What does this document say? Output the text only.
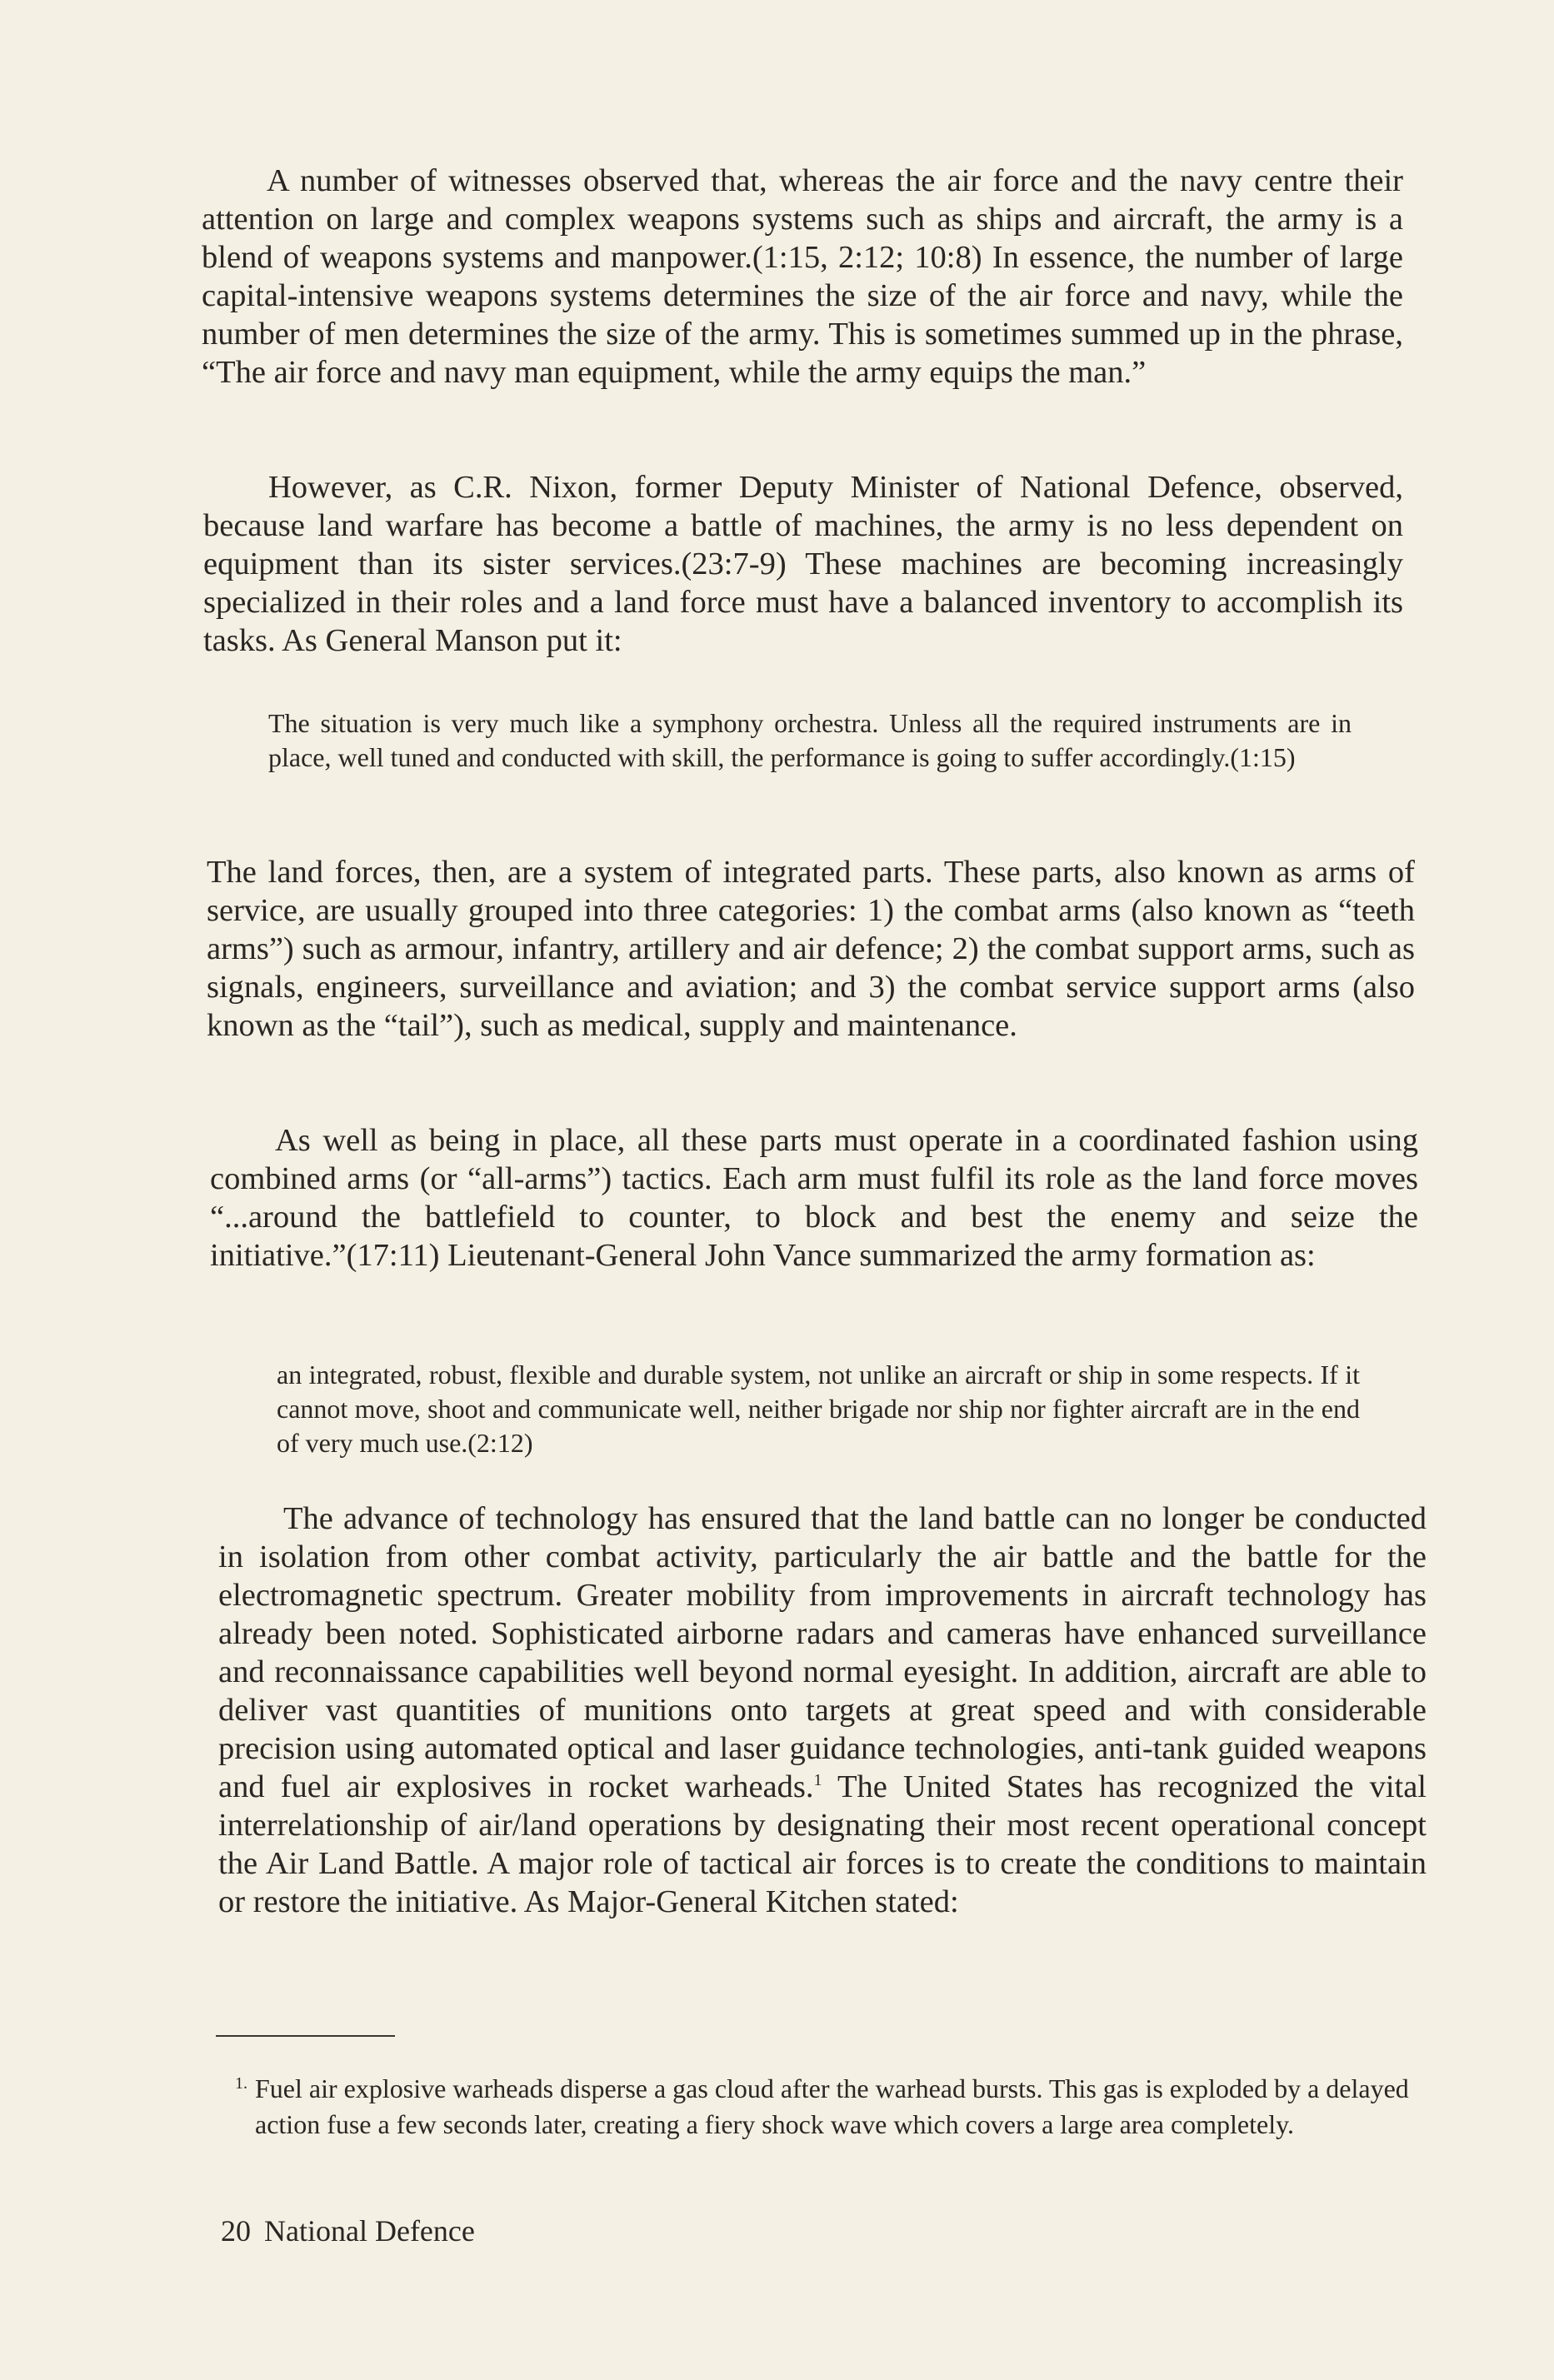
A number of witnesses observed that, whereas the air force and the navy centre their attention on large and complex weapons systems such as ships and aircraft, the army is a blend of weapons systems and manpower.(1:15, 2:12; 10:8) In essence, the number of large capital-intensive weapons systems determines the size of the air force and navy, while the number of men determines the size of the army. This is sometimes summed up in the phrase, “The air force and navy man equipment, while the army equips the man.”

However, as C.R. Nixon, former Deputy Minister of National Defence, observed, because land warfare has become a battle of machines, the army is no less dependent on equipment than its sister services.(23:7-9) These machines are becoming increasingly specialized in their roles and a land force must have a balanced inventory to accomplish its tasks. As General Manson put it:

The situation is very much like a symphony orchestra. Unless all the required instruments are in place, well tuned and conducted with skill, the performance is going to suffer accordingly.(1:15)

The land forces, then, are a system of integrated parts. These parts, also known as arms of service, are usually grouped into three categories: 1) the combat arms (also known as “teeth arms”) such as armour, infantry, artillery and air defence; 2) the combat support arms, such as signals, engineers, surveillance and aviation; and 3) the combat service support arms (also known as the “tail”), such as medical, supply and maintenance.

As well as being in place, all these parts must operate in a coordinated fashion using combined arms (or “all-arms”) tactics. Each arm must fulfil its role as the land force moves “...around the battlefield to counter, to block and best the enemy and seize the initiative.”(17:11) Lieutenant-General John Vance summarized the army formation as:

an integrated, robust, flexible and durable system, not unlike an aircraft or ship in some respects. If it cannot move, shoot and communicate well, neither brigade nor ship nor fighter aircraft are in the end of very much use.(2:12)

The advance of technology has ensured that the land battle can no longer be conducted in isolation from other combat activity, particularly the air battle and the battle for the electromagnetic spectrum. Greater mobility from improvements in aircraft technology has already been noted. Sophisticated airborne radars and cameras have enhanced surveillance and reconnaissance capabilities well beyond normal eyesight. In addition, aircraft are able to deliver vast quantities of munitions onto targets at great speed and with considerable precision using automated optical and laser guidance technologies, anti-tank guided weapons and fuel air explosives in rocket warheads.$^1$ The United States has recognized the vital interrelationship of air/land operations by designating their most recent operational concept the Air Land Battle. A major role of tactical air forces is to create the conditions to maintain or restore the initiative. As Major-General Kitchen stated:

1. Fuel air explosive warheads disperse a gas cloud after the warhead bursts. This gas is exploded by a delayed action fuse a few seconds later, creating a fiery shock wave which covers a large area completely.
20 National Defence
